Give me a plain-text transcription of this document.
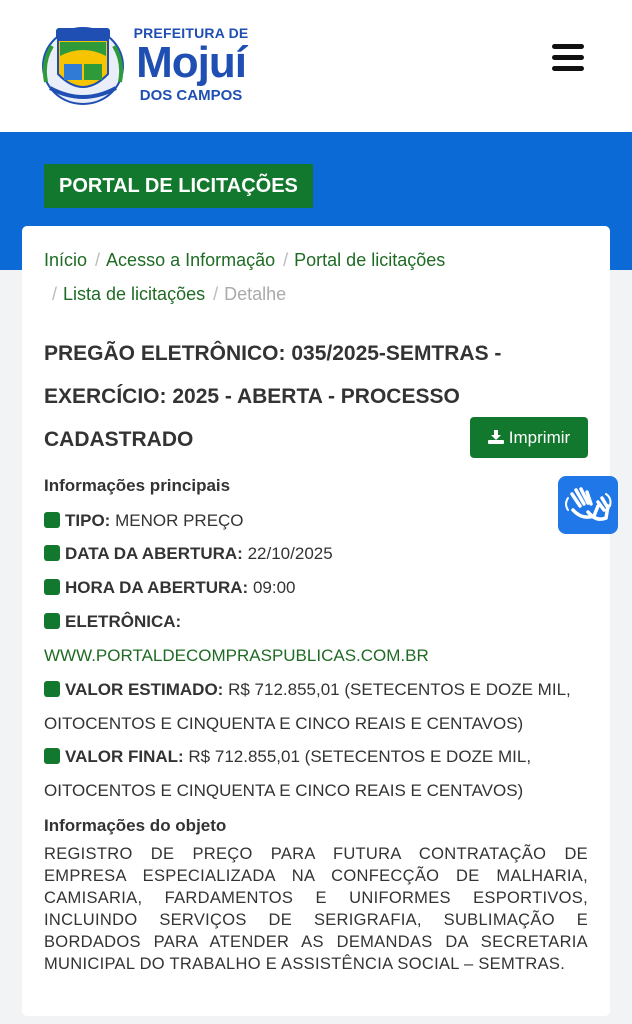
PREFEITURA DE
Mojuí
DOS CAMPOS
PORTAL DE LICITAÇÕES
Início / Acesso a Informação / Portal de licitações
/ Lista de licitações / Detalhe
PREGÃO ELETRÔNICO: 035/2025-SEMTRAS - EXERCÍCIO: 2025 - ABERTA - PROCESSO CADASTRADO	Imprimir
Informações principais
TIPO: MENOR PREÇO
DATA DA ABERTURA: 22/10/2025
HORA DA ABERTURA: 09:00
ELETRÔNICA:
WWW.PORTALDECOMPRASPUBLICAS.COM.BR
VALOR ESTIMADO: R$ 712.855,01 (SETECENTOS E DOZE MIL, OITOCENTOS E CINQUENTA E CINCO REAIS E CENTAVOS)
VALOR FINAL: R$ 712.855,01 (SETECENTOS E DOZE MIL, OITOCENTOS E CINQUENTA E CINCO REAIS E CENTAVOS)
Informações do objeto

REGISTRO DE PREÇO PARA FUTURA CONTRATAÇÃO DE EMPRESA ESPECIALIZADA NA CONFECÇÃO DE MALHARIA, CAMISARIA, FARDAMENTOS E UNIFORMES ESPORTIVOS, INCLUINDO SERVIÇOS DE SERIGRAFIA, SUBLIMAÇÃO E BORDADOS PARA ATENDER AS DEMANDAS DA SECRETARIA MUNICIPAL DO TRABALHO E ASSISTÊNCIA SOCIAL – SEMTRAS.
